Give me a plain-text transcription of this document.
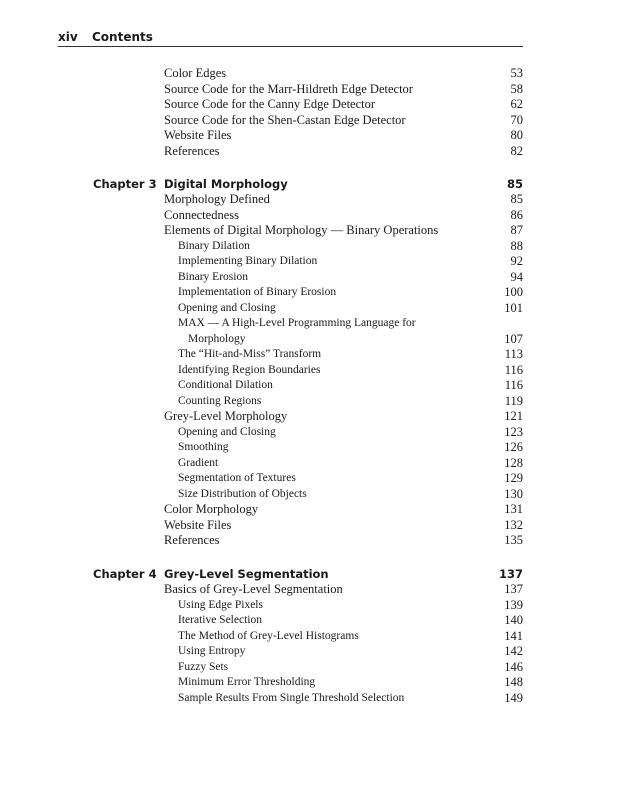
xiv Contents
Color Edges	53
Source Code for the Marr-Hildreth Edge Detector	58
Source Code for the Canny Edge Detector	62
Source Code for the Shen-Castan Edge Detector	70
Website Files	80
References	82
Chapter 3 Digital Morphology	85
Morphology Defined	85
Connectedness	86
Elements of Digital Morphology — Binary Operations	87
Binary Dilation	88
Implementing Binary Dilation	92
Binary Erosion	94
Implementation of Binary Erosion	100
Opening and Closing	101
MAX — A High-Level Programming Language for
Morphology	107
The “Hit-and-Miss” Transform	113
Identifying Region Boundaries	116
Conditional Dilation	116
Counting Regions	119
Grey-Level Morphology	121
Opening and Closing	123
Smoothing	126
Gradient	128
Segmentation of Textures	129
Size Distribution of Objects	130
Color Morphology	131
Website Files	132
References	135
Chapter 4 Grey-Level Segmentation	137
Basics of Grey-Level Segmentation	137
Using Edge Pixels	139
Iterative Selection	140
The Method of Grey-Level Histograms	141
Using Entropy	142
Fuzzy Sets	146
Minimum Error Thresholding	148
Sample Results From Single Threshold Selection	149
